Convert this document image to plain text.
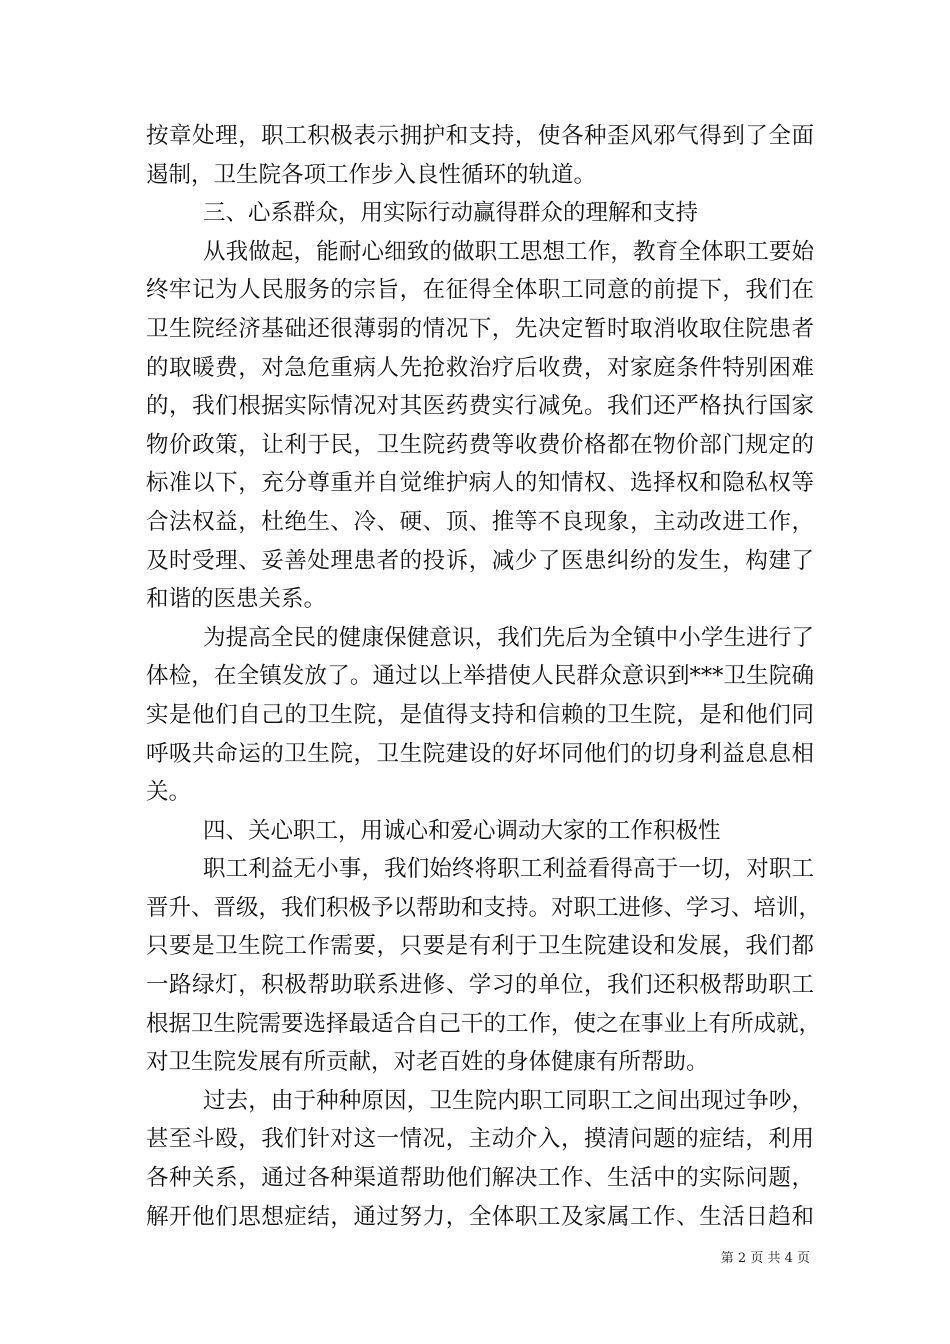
按章处理，职工积极表示拥护和支持，使各种歪风邪气得到了全面
遏制，卫生院各项工作步入良性循环的轨道。
三、心系群众，用实际行动赢得群众的理解和支持
从我做起，能耐心细致的做职工思想工作，教育全体职工要始
终牢记为人民服务的宗旨，在征得全体职工同意的前提下，我们在
卫生院经济基础还很薄弱的情况下，先决定暂时取消收取住院患者
的取暖费，对急危重病人先抢救治疗后收费，对家庭条件特别困难
的，我们根据实际情况对其医药费实行减免。我们还严格执行国家
物价政策，让利于民，卫生院药费等收费价格都在物价部门规定的
标准以下，充分尊重并自觉维护病人的知情权、选择权和隐私权等
合法权益，杜绝生、冷、硬、顶、推等不良现象，主动改进工作，
及时受理、妥善处理患者的投诉，减少了医患纠纷的发生，构建了
和谐的医患关系。
为提高全民的健康保健意识，我们先后为全镇中小学生进行了
体检，在全镇发放了。通过以上举措使人民群众意识到***卫生院确
实是他们自己的卫生院，是值得支持和信赖的卫生院，是和他们同
呼吸共命运的卫生院，卫生院建设的好坏同他们的切身利益息息相
关。
四、关心职工，用诚心和爱心调动大家的工作积极性
职工利益无小事，我们始终将职工利益看得高于一切，对职工
晋升、晋级，我们积极予以帮助和支持。对职工进修、学习、培训，
只要是卫生院工作需要，只要是有利于卫生院建设和发展，我们都
一路绿灯，积极帮助联系进修、学习的单位，我们还积极帮助职工
根据卫生院需要选择最适合自己干的工作，使之在事业上有所成就，
对卫生院发展有所贡献，对老百姓的身体健康有所帮助。
过去，由于种种原因，卫生院内职工同职工之间出现过争吵，
甚至斗殴，我们针对这一情况，主动介入，摸清问题的症结，利用
各种关系，通过各种渠道帮助他们解决工作、生活中的实际问题，
解开他们思想症结，通过努力，全体职工及家属工作、生活日趋和
第 2 页 共 4 页
